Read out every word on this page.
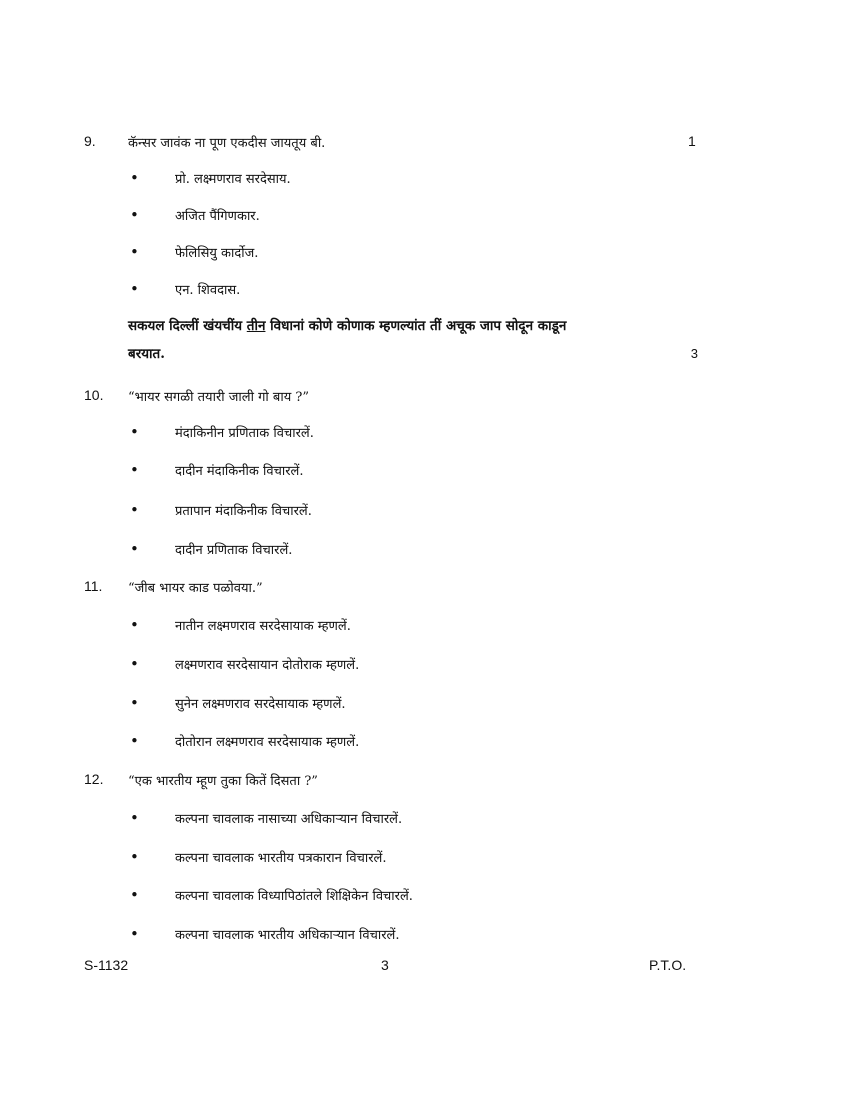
9. कॅन्सर जावंक ना पूण एकदीस जायतूय बी.	1
•	प्रो. लक्ष्मणराव सरदेसाय.
•	अजित पैंगिणकार.
•	फेलिसियु कार्दोज.
•	एन. शिवदास.
सकयल दिल्लीं खंयचींय तीन विधानां कोणे कोणाक म्हणल्यांत तीं अचूक जाप सोदून काडून
बरयात.	3
10. “भायर सगळी तयारी जाली गो बाय ?”
•	मंदाकिनीन प्रणिताक विचारलें.
•	दादीन मंदाकिनीक विचारलें.
•	प्रतापान मंदाकिनीक विचारलें.
•	दादीन प्रणिताक विचारलें.
11. “जीब भायर काड पळोवया.”
•	नातीन लक्ष्मणराव सरदेसायाक म्हणलें.
•	लक्ष्मणराव सरदेसायान दोतोराक म्हणलें.
•	सुनेन लक्ष्मणराव सरदेसायाक म्हणलें.
•	दोतोरान लक्ष्मणराव सरदेसायाक म्हणलें.
12. “एक भारतीय म्हूण तुका कितें दिसता ?”
•	कल्पना चावलाक नासाच्या अधिकाऱ्यान विचारलें.
•	कल्पना चावलाक भारतीय पत्रकारान विचारलें.
•	कल्पना चावलाक विध्यापिठांतले शिक्षिकेन विचारलें.
•	कल्पना चावलाक भारतीय अधिकाऱ्यान विचारलें.
S-1132	3	P.T.O.
